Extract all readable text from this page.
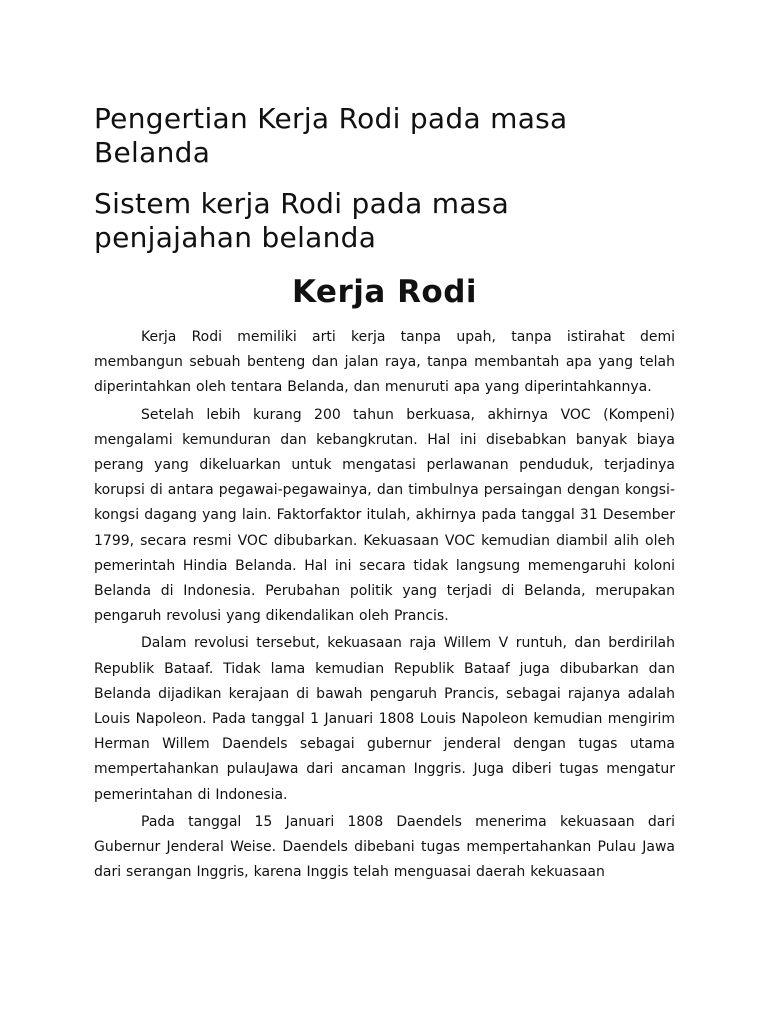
Pengertian Kerja Rodi pada masa Belanda
Sistem kerja Rodi pada masa penjajahan belanda
Kerja Rodi

Kerja Rodi memiliki arti kerja tanpa upah, tanpa istirahat demi membangun sebuah benteng dan jalan raya, tanpa membantah apa yang telah diperintahkan oleh tentara Belanda, dan menuruti apa yang diperintahkannya.

Setelah lebih kurang 200 tahun berkuasa, akhirnya VOC (Kompeni) mengalami kemunduran dan kebangkrutan. Hal ini disebabkan banyak biaya perang yang dikeluarkan untuk mengatasi perlawanan penduduk, terjadinya korupsi di antara pegawai-pegawainya, dan timbulnya persaingan dengan kongsi-kongsi dagang yang lain. Faktorfaktor itulah, akhirnya pada tanggal 31 Desember 1799, secara resmi VOC dibubarkan. Kekuasaan VOC kemudian diambil alih oleh pemerintah Hindia Belanda. Hal ini secara tidak langsung memengaruhi koloni Belanda di Indonesia. Perubahan politik yang terjadi di Belanda, merupakan pengaruh revolusi yang dikendalikan oleh Prancis.

Dalam revolusi tersebut, kekuasaan raja Willem V runtuh, dan berdirilah Republik Bataaf. Tidak lama kemudian Republik Bataaf juga dibubarkan dan Belanda dijadikan kerajaan di bawah pengaruh Prancis, sebagai rajanya adalah Louis Napoleon. Pada tanggal 1 Januari 1808 Louis Napoleon kemudian mengirim Herman Willem Daendels sebagai gubernur jenderal dengan tugas utama mempertahankan pulauJawa dari ancaman Inggris. Juga diberi tugas mengatur pemerintahan di Indonesia.

Pada tanggal 15 Januari 1808 Daendels menerima kekuasaan dari Gubernur Jenderal Weise. Daendels dibebani tugas mempertahankan Pulau Jawa dari serangan Inggris, karena Inggis telah menguasai daerah kekuasaan
